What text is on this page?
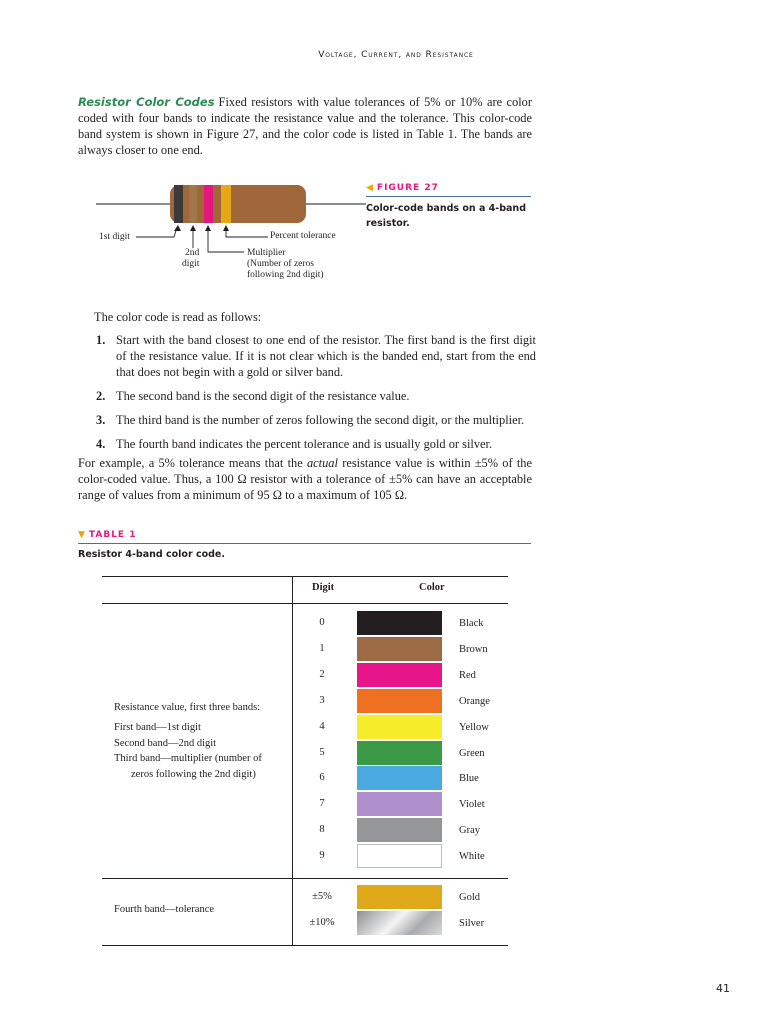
Voltage, Current, and Resistance
Resistor Color Codes Fixed resistors with value tolerances of 5% or 10% are color coded with four bands to indicate the resistance value and the tolerance. This color-code band system is shown in Figure 27, and the color code is listed in Table 1. The bands are always closer to one end.
1st digit
2nd
digit
Percent tolerance
Multiplier
(Number of zeros
following 2nd digit)
◀ FIGURE 27
Color-code bands on a 4-band resistor.
The color code is read as follows:
1. Start with the band closest to one end of the resistor. The first band is the first digit of the resistance value. If it is not clear which is the banded end, start from the end that does not begin with a gold or silver band.
2. The second band is the second digit of the resistance value.
3. The third band is the number of zeros following the second digit, or the multiplier.
4. The fourth band indicates the percent tolerance and is usually gold or silver.
For example, a 5% tolerance means that the actual resistance value is within ±5% of the color-coded value. Thus, a 100 Ω resistor with a tolerance of ±5% can have an acceptable range of values from a minimum of 95 Ω to a maximum of 105 Ω.
▼ TABLE 1
Resistor 4-band color code.
Digit	Color
Resistance value, first three bands:
First band—1st digit
Second band—2nd digit
Third band—multiplier (number of
zeros following the 2nd digit)
0	Black
1	Brown
2	Red
3	Orange
4	Yellow
5	Green
6	Blue
7	Violet
8	Gray
9	White
Fourth band—tolerance
±5%	Gold
±10%	Silver
41
